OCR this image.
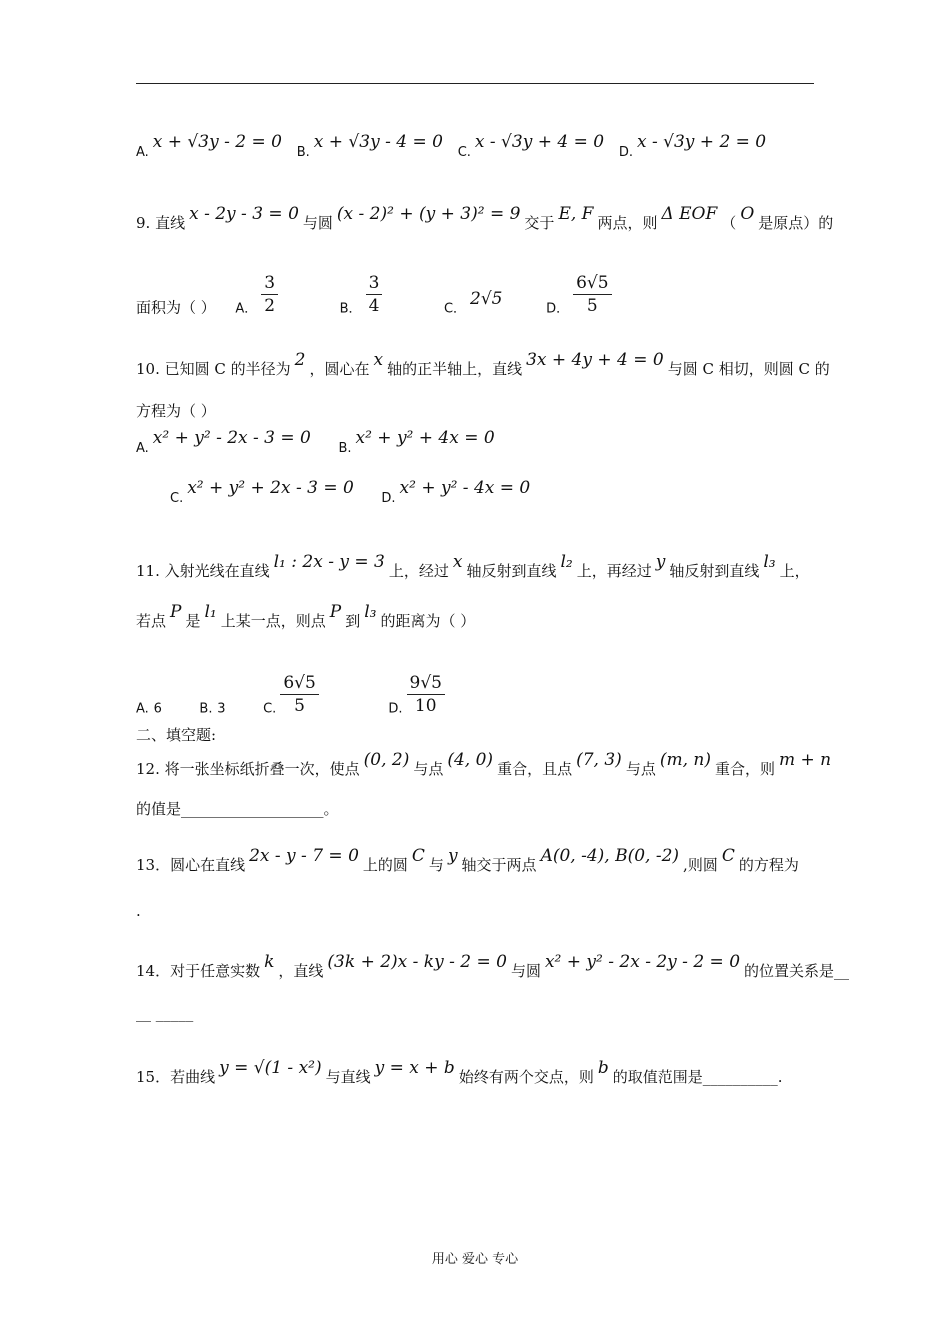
A.x + √3y - 2 = 0 B.x + √3y - 4 = 0 C.x - √3y + 4 = 0 D.x - √3y + 2 = 0
9. 直线 x - 2y - 3 = 0 与圆 (x - 2)² + (y + 3)² = 9 交于 E, F 两点，则 Δ EOF （ O 是原点）的
面积为（ ） A． $\frac{3}{2}$	B． $\frac{3}{4}$	C．2√5  D． $\frac{6√5}{5}$
10. 已知圆 C 的半径为 2 ，圆心在 x 轴的正半轴上，直线 3x + 4y + 4 = 0 与圆 C 相切，则圆 C 的
方程为（ ）
A.x² + y² - 2x - 3 = 0  B.x² + y² + 4x = 0
C.x² + y² + 2x - 3 = 0  D.x² + y² - 4x = 0
11. 入射光线在直线 l₁ : 2x - y = 3 上，经过 x 轴反射到直线 l₂ 上，再经过 y 轴反射到直线 l₃ 上，
若点 P 是 l₁ 上某一点，则点 P 到 l₃ 的距离为（ ）
A. 6	B. 3	C. $\frac{6√5}{5}$	D. $\frac{9√5}{10}$
二、填空题:
12. 将一张坐标纸折叠一次，使点 (0, 2) 与点 (4, 0) 重合，且点 (7, 3) 与点 (m, n) 重合，则 m + n
的值是___________________。
13．圆心在直线 2x - y - 7 = 0 上的圆 C 与 y 轴交于两点 A(0, -4), B(0, -2) ,则圆 C 的方程为
.
14．对于任意实数 k ，直线 (3k + 2)x - ky - 2 = 0 与圆 x² + y² - 2x - 2y - 2 = 0 的位置关系是__
__ _____
15．若曲线 y = √(1 - x²) 与直线 y = x + b 始终有两个交点，则 b 的取值范围是__________.
用心 爱心 专心
